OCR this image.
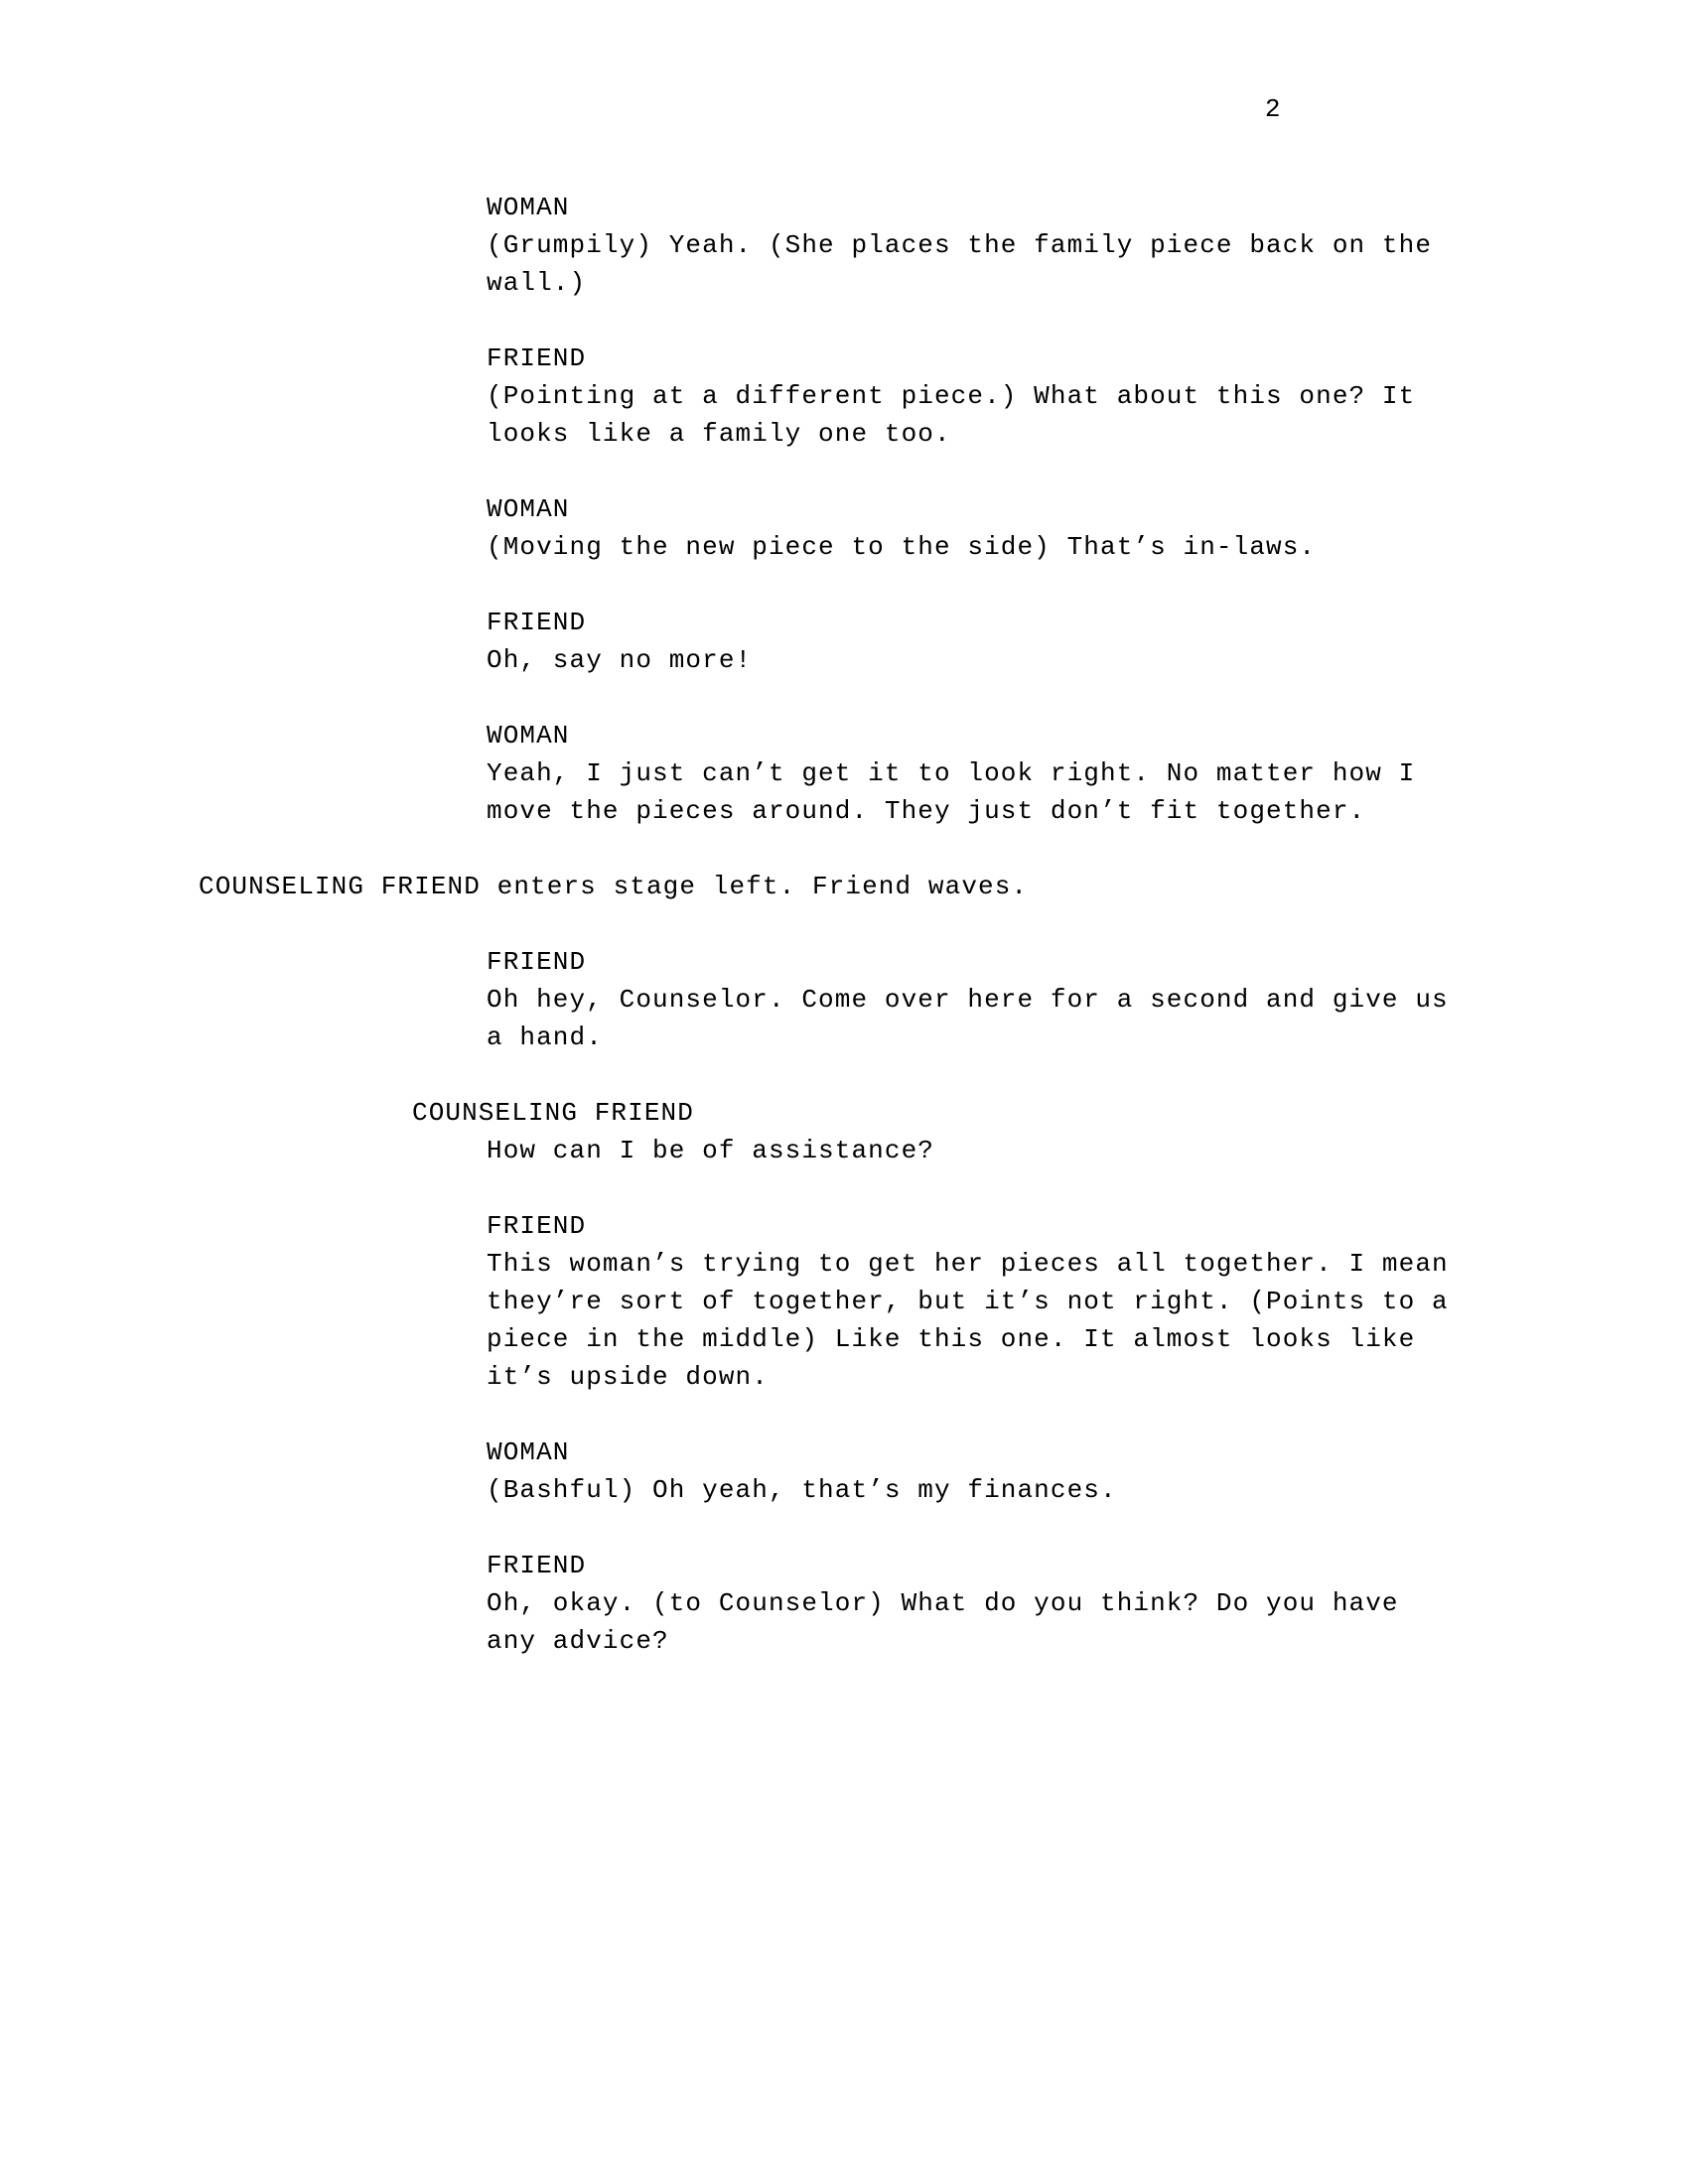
2
WOMAN
(Grumpily) Yeah. (She places the family piece back on the wall.)
FRIEND
(Pointing at a different piece.) What about this one? It looks like a family one too.
WOMAN
(Moving the new piece to the side) That’s in-laws.
FRIEND
Oh, say no more!
WOMAN
Yeah, I just can’t get it to look right. No matter how I move the pieces around. They just don’t fit together.
COUNSELING FRIEND enters stage left. Friend waves.
FRIEND
Oh hey, Counselor. Come over here for a second and give us a hand.
COUNSELING FRIEND
How can I be of assistance?
FRIEND
This woman’s trying to get her pieces all together. I mean they’re sort of together, but it’s not right. (Points to a piece in the middle) Like this one. It almost looks like it’s upside down.
WOMAN
(Bashful) Oh yeah, that’s my finances.
FRIEND
Oh, okay. (to Counselor) What do you think? Do you have any advice?
